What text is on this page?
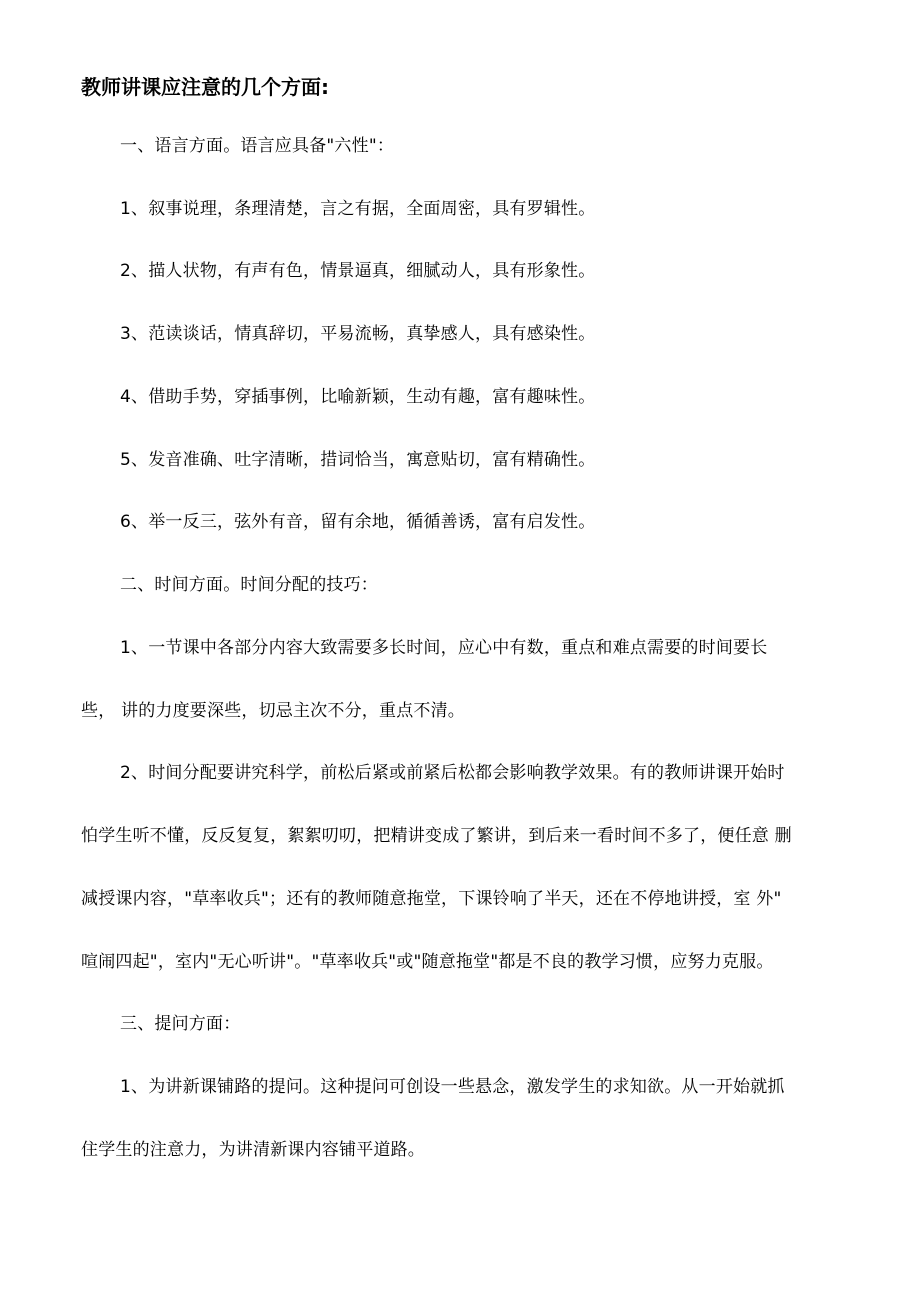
教师讲课应注意的几个方面:

一、语言方面。语言应具备"六性"：

1、叙事说理，条理清楚，言之有据，全面周密，具有罗辑性。

2、描人状物，有声有色，情景逼真，细腻动人，具有形象性。

3、范读谈话，情真辞切，平易流畅，真挚感人，具有感染性。

4、借助手势，穿插事例，比喻新颖，生动有趣，富有趣味性。

5、发音准确、吐字清晰，措词恰当，寓意贴切，富有精确性。

6、举一反三，弦外有音，留有余地，循循善诱，富有启发性。

二、时间方面。时间分配的技巧：

1、一节课中各部分内容大致需要多长时间，应心中有数，重点和难点需要的时间要长

些， 讲的力度要深些，切忌主次不分，重点不清。

2、时间分配要讲究科学，前松后紧或前紧后松都会影响教学效果。有的教师讲课开始时

怕学生听不懂，反反复复，絮絮叨叨，把精讲变成了繁讲，到后来一看时间不多了，便任意 删

减授课内容，"草率收兵"；还有的教师随意拖堂，下课铃响了半天，还在不停地讲授，室 外"

喧闹四起"，室内"无心听讲"。"草率收兵"或"随意拖堂"都是不良的教学习惯，应努力克服。

三、提问方面：

1、为讲新课铺路的提问。这种提问可创设一些悬念，激发学生的求知欲。从一开始就抓

住学生的注意力，为讲清新课内容铺平道路。
